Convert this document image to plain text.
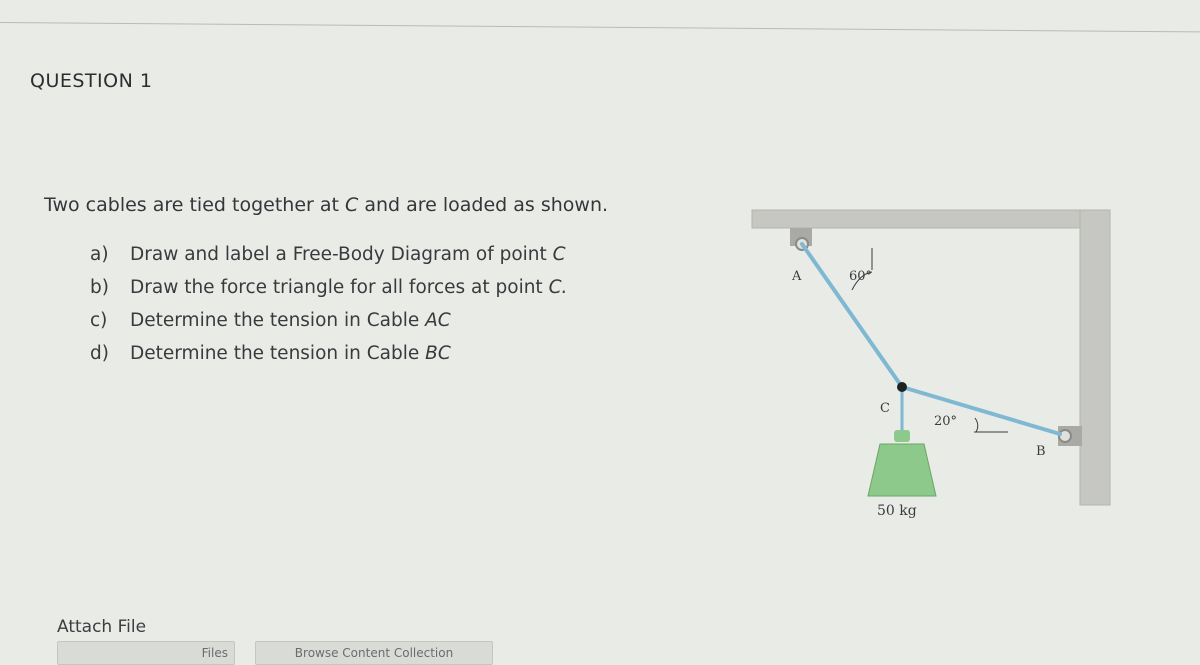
QUESTION 1
Two cables are tied together at C and are loaded as shown.
a) Draw and label a Free-Body Diagram of point C
b) Draw the force triangle for all forces at point C.
c) Determine the tension in Cable AC
d) Determine the tension in Cable BC
A	60°
C
20°
B
50 kg
Attach File
Files	Browse Content Collection
